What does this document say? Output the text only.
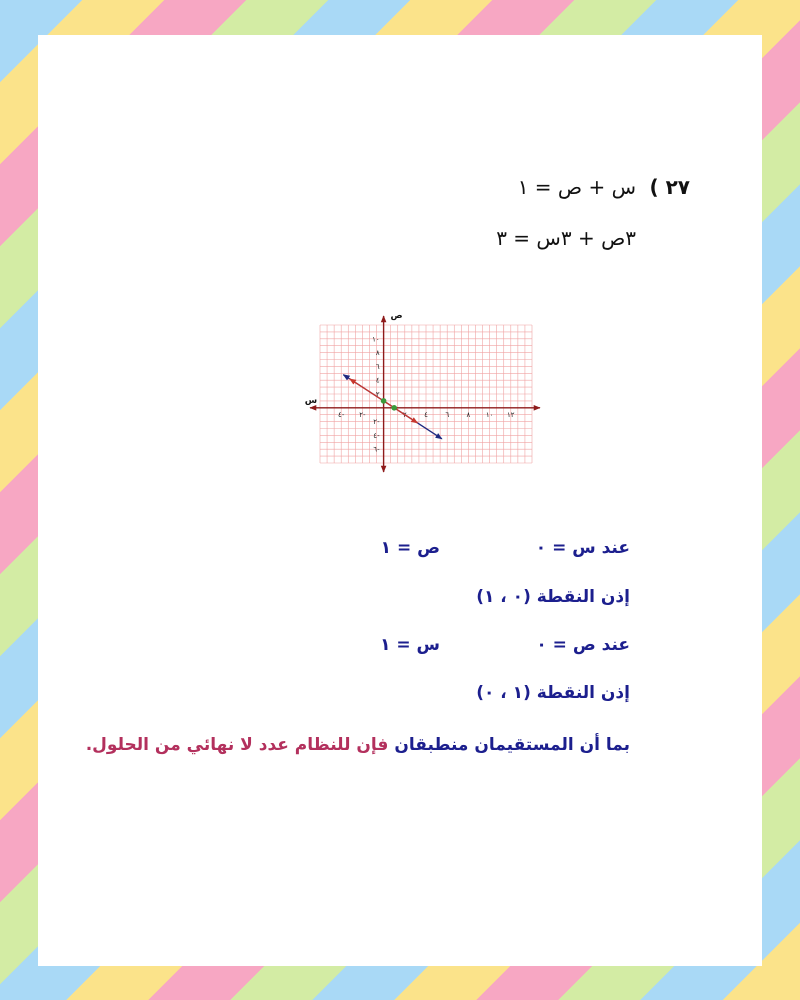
٢٧ )
س + ص = ١
٣ص + ٣س = ٣
س
ص
٤- ٢-	٢ ٤ ٦ ٨ ١٠ ١٢
١٠
٨
٦
٤
٢
٢-
٤-
٦-
عند س = ٠
ص = ١
إذن النقطة (٠ ، ١)
عند ص = ٠
س = ١
إذن النقطة (١ ، ٠)
بما أن المستقيمان منطبقان فإن للنظام عدد لا نهائي من الحلول.
